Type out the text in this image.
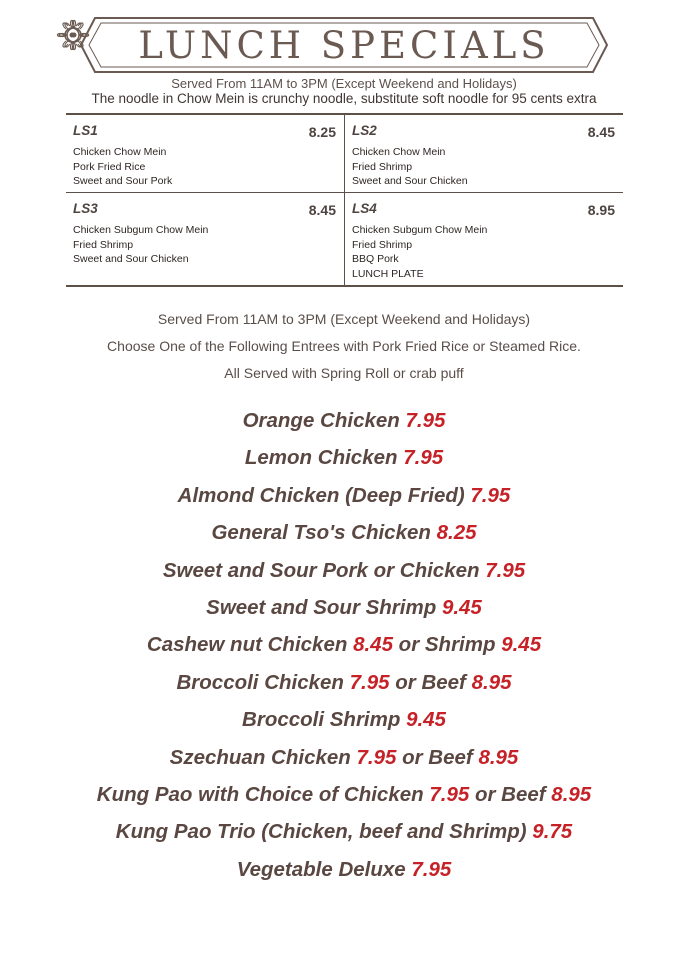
LUNCH SPECIALS
Served From 11AM to 3PM (Except Weekend and Holidays)
The noodle in Chow Mein is crunchy noodle, substitute soft noodle for 95 cents extra
LS1	8.25
Chicken Chow Mein
Pork Fried Rice
Sweet and Sour Pork
LS2	8.45
Chicken Chow Mein
Fried Shrimp
Sweet and Sour Chicken
LS3	8.45
Chicken Subgum Chow Mein
Fried Shrimp
Sweet and Sour Chicken
LS4	8.95
Chicken Subgum Chow Mein
Fried Shrimp
BBQ Pork
LUNCH PLATE
Served From 11AM to 3PM (Except Weekend and Holidays)
Choose One of the Following Entrees with Pork Fried Rice or Steamed Rice.
All Served with Spring Roll or crab puff
Orange Chicken 7.95
Lemon Chicken 7.95
Almond Chicken (Deep Fried) 7.95
General Tso's Chicken 8.25
Sweet and Sour Pork or Chicken 7.95
Sweet and Sour Shrimp 9.45
Cashew nut Chicken 8.45 or Shrimp 9.45
Broccoli Chicken 7.95 or Beef 8.95
Broccoli Shrimp 9.45
Szechuan Chicken 7.95 or Beef 8.95
Kung Pao with Choice of Chicken 7.95 or Beef 8.95
Kung Pao Trio (Chicken, beef and Shrimp) 9.75
Vegetable Deluxe 7.95
